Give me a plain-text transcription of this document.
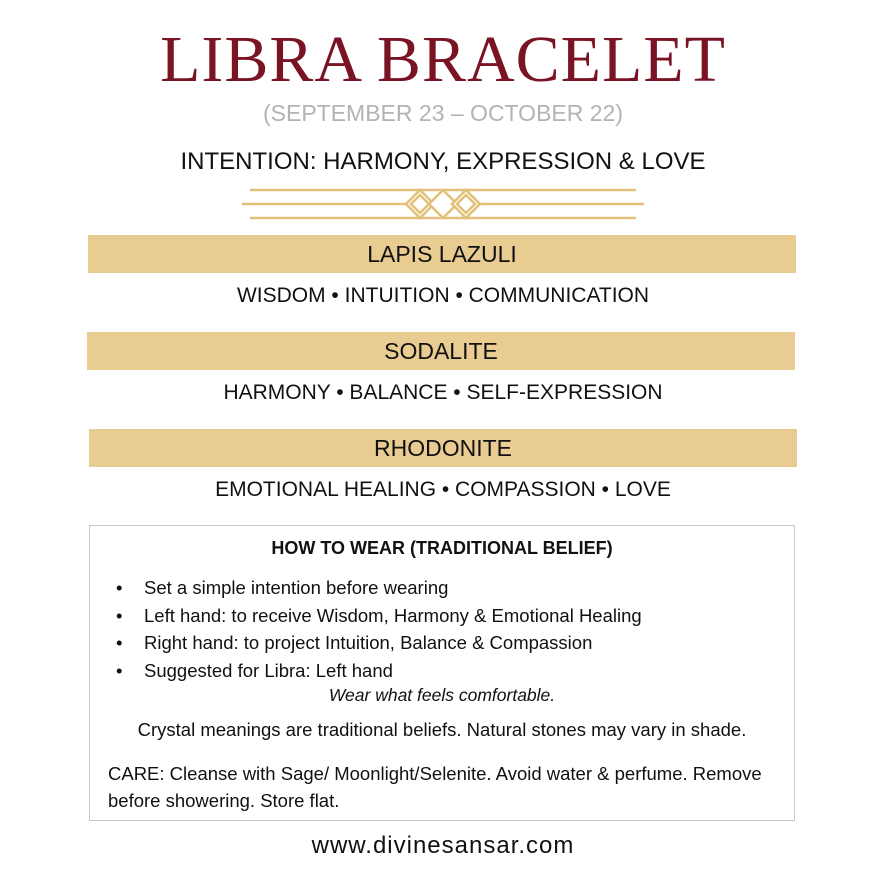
LIBRA BRACELET
(SEPTEMBER 23 – OCTOBER 22)
INTENTION: HARMONY, EXPRESSION & LOVE
LAPIS LAZULI
WISDOM • INTUITION • COMMUNICATION
SODALITE
HARMONY • BALANCE • SELF-EXPRESSION
RHODONITE
EMOTIONAL HEALING • COMPASSION • LOVE
HOW TO WEAR (TRADITIONAL BELIEF)
• Set a simple intention before wearing
• Left hand: to receive Wisdom, Harmony & Emotional Healing
• Right hand: to project Intuition, Balance & Compassion
• Suggested for Libra: Left hand
Wear what feels comfortable.
Crystal meanings are traditional beliefs. Natural stones may vary in shade.
CARE: Cleanse with Sage/ Moonlight/Selenite. Avoid water & perfume. Remove before showering. Store flat.
www.divinesansar.com
